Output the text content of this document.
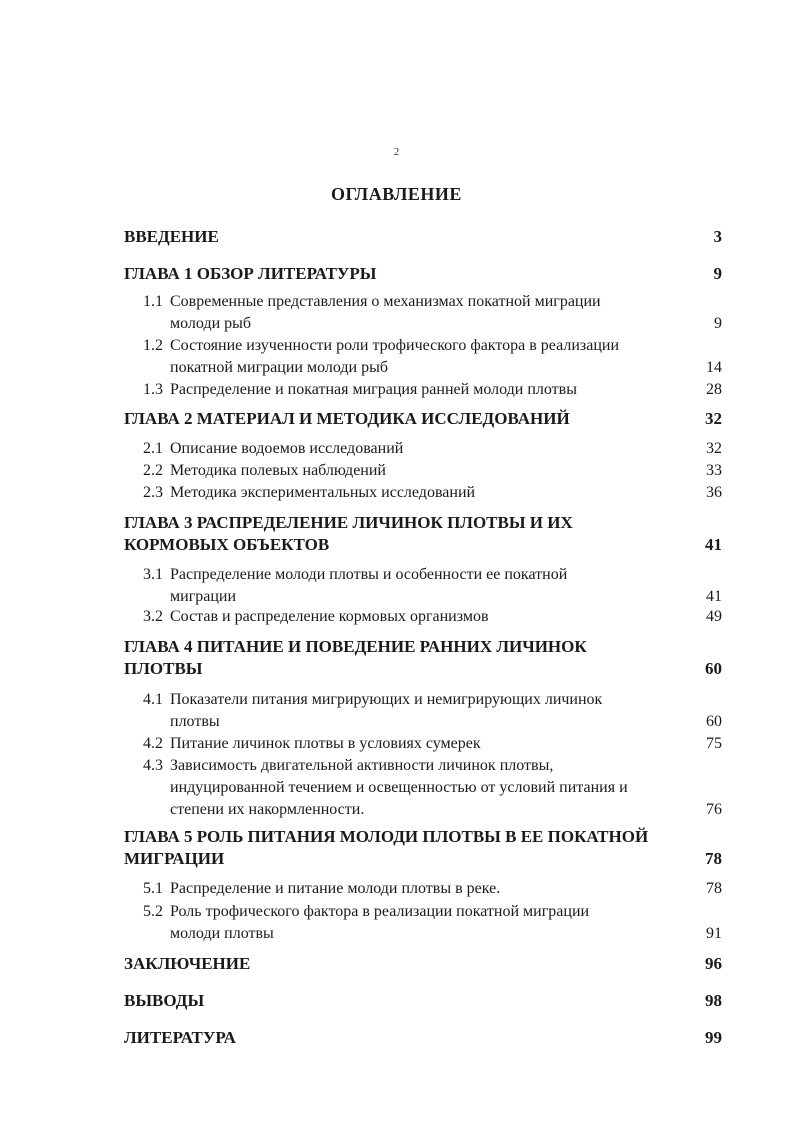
2
ОГЛАВЛЕНИЕ
ВВЕДЕНИЕ	3
ГЛАВА 1 ОБЗОР ЛИТЕРАТУРЫ	9
1.1 Современные представления о механизмах покатной миграции
молоди рыб	9
1.2 Состояние изученности роли трофического фактора в реализации
покатной миграции молоди рыб	14
1.3 Распределение и покатная миграция ранней молоди плотвы	28
ГЛАВА 2 МАТЕРИАЛ И МЕТОДИКА ИССЛЕДОВАНИЙ	32
2.1 Описание водоемов исследований	32
2.2 Методика полевых наблюдений	33
2.3 Методика экспериментальных исследований	36
ГЛАВА 3 РАСПРЕДЕЛЕНИЕ ЛИЧИНОК ПЛОТВЫ И ИХ
КОРМОВЫХ ОБЪЕКТОВ	41
3.1 Распределение молоди плотвы и особенности ее покатной
миграции	41
3.2 Состав и распределение кормовых организмов	49
ГЛАВА 4 ПИТАНИЕ И ПОВЕДЕНИЕ РАННИХ ЛИЧИНОК
ПЛОТВЫ	60
4.1 Показатели питания мигрирующих и немигрирующих личинок
плотвы	60
4.2 Питание личинок плотвы в условиях сумерек	75
4.3 Зависимость двигательной активности личинок плотвы,
индуцированной течением и освещенностью от условий питания и
степени их накормленности.	76
ГЛАВА 5 РОЛЬ ПИТАНИЯ МОЛОДИ ПЛОТВЫ В ЕЕ ПОКАТНОЙ
МИГРАЦИИ	78
5.1 Распределение и питание молоди плотвы в реке.	78
5.2 Роль трофического фактора в реализации покатной миграции
молоди плотвы	91
ЗАКЛЮЧЕНИЕ	96
ВЫВОДЫ	98
ЛИТЕРАТУРА	99
